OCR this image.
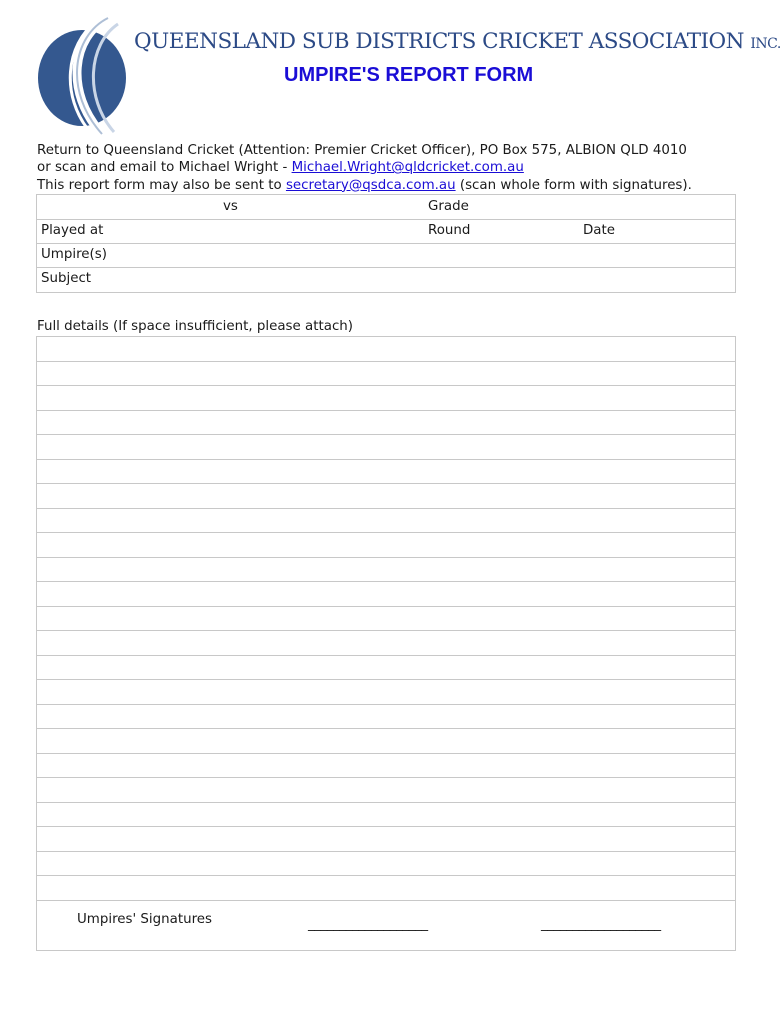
QUEENSLAND SUB DISTRICTS CRICKET ASSOCIATION INC.
UMPIRE'S REPORT FORM
Return to Queensland Cricket (Attention: Premier Cricket Officer), PO Box 575, ALBION QLD 4010
or scan and email to Michael Wright - Michael.Wright@qldcricket.com.au
This report form may also be sent to secretary@qsdca.com.au (scan whole form with signatures).
vs	Grade
Played at	Round	Date
Umpire(s)
Subject
Full details (If space insufficient, please attach)
Umpires' Signatures	___________________	___________________
